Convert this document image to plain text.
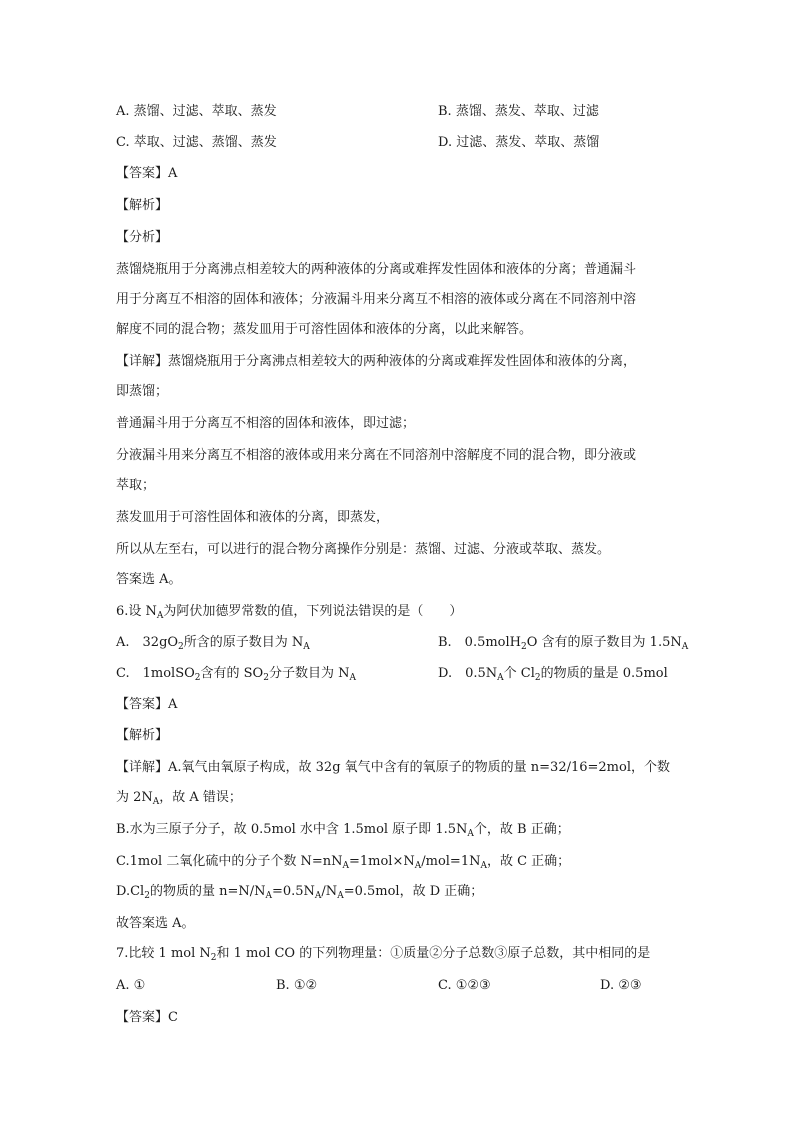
A. 蒸馏、过滤、萃取、蒸发	B. 蒸馏、蒸发、萃取、过滤
C. 萃取、过滤、蒸馏、蒸发	D. 过滤、蒸发、萃取、蒸馏
【答案】A
【解析】
【分析】
蒸馏烧瓶用于分离沸点相差较大的两种液体的分离或难挥发性固体和液体的分离；普通漏斗
用于分离互不相溶的固体和液体；分液漏斗用来分离互不相溶的液体或分离在不同溶剂中溶
解度不同的混合物；蒸发皿用于可溶性固体和液体的分离，以此来解答。
【详解】蒸馏烧瓶用于分离沸点相差较大的两种液体的分离或难挥发性固体和液体的分离，
即蒸馏；
普通漏斗用于分离互不相溶的固体和液体，即过滤；
分液漏斗用来分离互不相溶的液体或用来分离在不同溶剂中溶解度不同的混合物，即分液或
萃取；
蒸发皿用于可溶性固体和液体的分离，即蒸发，
所以从左至右，可以进行的混合物分离操作分别是：蒸馏、过滤、分液或萃取、蒸发。
答案选 A。
6.设 $N_A$为阿伏加德罗常数的值，下列说法错误的是（　　）
A.　$32gO_2$所含的原子数目为 $N_A$	B.　0.5molH$_2$O 含有的原子数目为 $1.5N_A$
C.　1molSO$_2$含有的 $SO_2$分子数目为 $N_A$	D.　$0.5N_A$个 $Cl_2$的物质的量是 0.5mol
【答案】A
【解析】
【详解】A.氧气由氧原子构成，故 32g 氧气中含有的氧原子的物质的量 n=32/16=2mol，个数
为 $2N_A$，故 A 错误；
B.水为三原子分子，故 0.5mol 水中含 1.5mol 原子即 $1.5N_A$个，故 B 正确；
C.1mol 二氧化硫中的分子个数 $N=nN_A=1mol\times N_A/mol=1N_A$，故 C 正确；
$D.Cl_2$的物质的量 $n=N/N_A=0.5N_A/N_A=0.5mol$，故 D 正确；
故答案选 A。
7.比较 1 mol $N_2$和 1 mol CO 的下列物理量：①质量②分子总数③原子总数，其中相同的是
A. ①	B. ①②	C. ①②③	D. ②③
【答案】C
